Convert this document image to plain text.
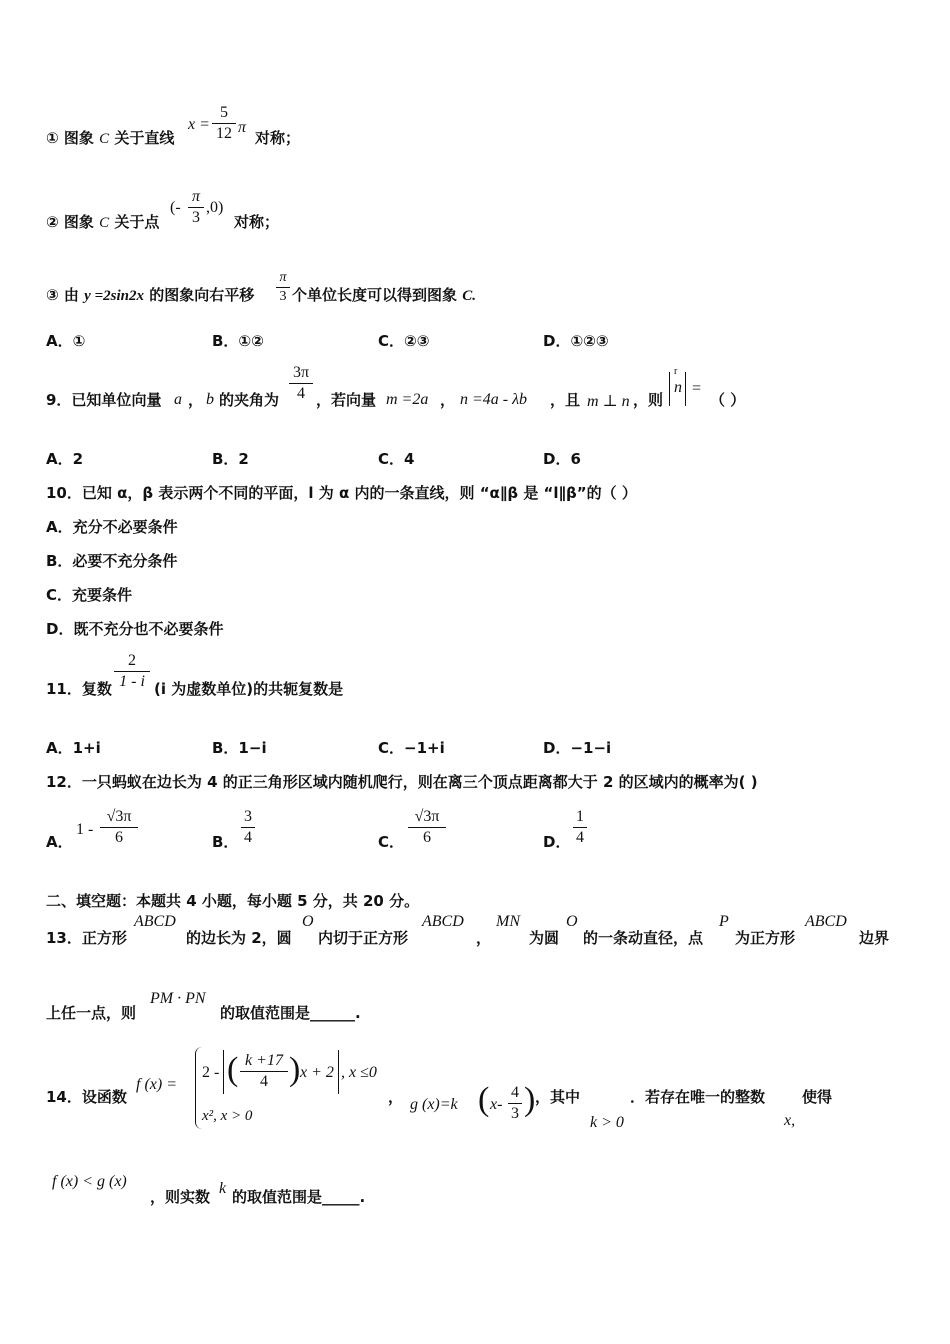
① 图象 C 关于直线
x =
5
12 π
对称；
② 图象 C 关于点
(-
π
3
,0)
对称；
③ 由 y =2sin2x 的图象向右平移
π
3 个单位长度可以得到图象 C.
A．①	B．①②	C．②③	D．①②③
9．已知单位向量 a ， b 的夹角为
3π
4 ，若向量 m =2a ， n =4a - λb ，且 m ⊥ n ，则
r
n =
（ ）
A．2	B．2	C．4	D．6
10．已知 α，β 表示两个不同的平面，l 为 α 内的一条直线，则 “α∥β 是 “l∥β”的（ ）
A．充分不必要条件
B．必要不充分条件
C．充要条件
D．既不充分也不必要条件
11．复数
2
1 - i (i 为虚数单位)的共轭复数是
A．1+i	B．1−i	C．−1+i	D．−1−i
12．一只蚂蚁在边长为 4 的正三角形区域内随机爬行，则在离三个顶点距离都大于 2 的区域内的概率为( )
A．
1 -
√3π
6	B．
3
4	C．
√3π
6	D．
1
4
二、填空题：本题共 4 小题，每小题 5 分，共 20 分。
13．正方形
ABCD
的边长为 2，圆
O
内切于正方形
ABCD
，
MN
为圆
O
的一条动直径，点
P
为正方形
ABCD
边界
上任一点，则
PM · PN
的取值范围是______.
14．设函数
f (x) =
2 - ( k +17
4 ) x + 2 , x ≤0
x², x > 0
， g (x)=k ( x-
4
3 ) ，其中
k > 0
．若存在唯一的整数
x,
使得
f (x) < g (x)
，则实数 k 的取值范围是_____.
